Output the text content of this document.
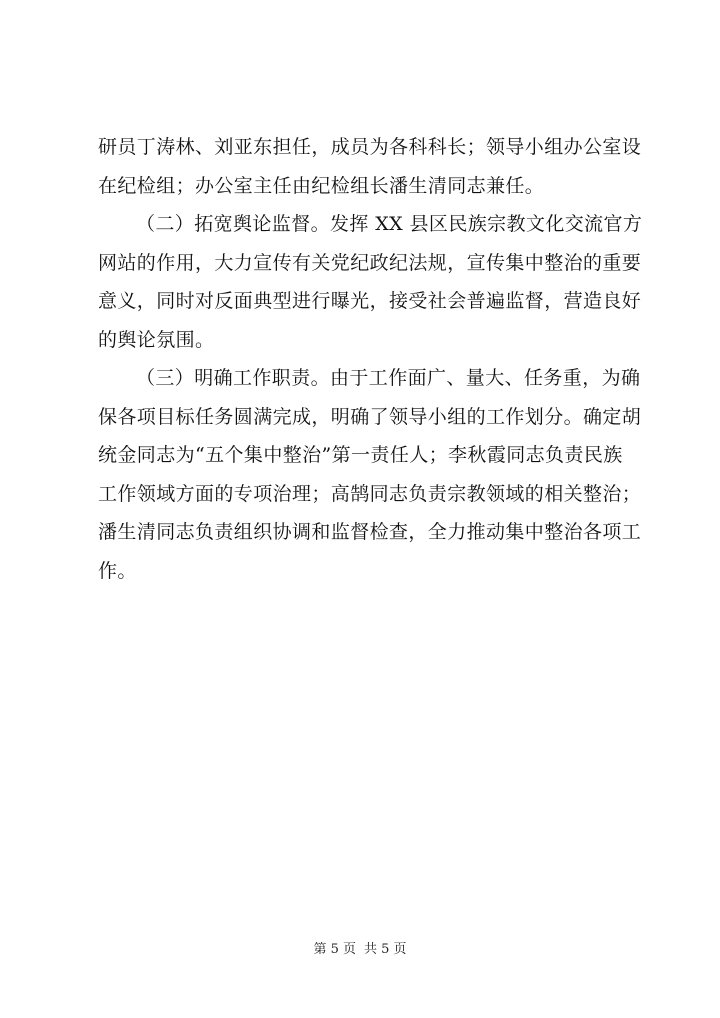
研员丁涛林、刘亚东担任，成员为各科科长；领导小组办公室设
在纪检组；办公室主任由纪检组长潘生清同志兼任。
（二）拓宽舆论监督。发挥 XX 县区民族宗教文化交流官方
网站的作用，大力宣传有关党纪政纪法规，宣传集中整治的重要
意义，同时对反面典型进行曝光，接受社会普遍监督，营造良好
的舆论氛围。
（三）明确工作职责。由于工作面广、量大、任务重，为确
保各项目标任务圆满完成，明确了领导小组的工作划分。确定胡
统金同志为“五个集中整治”第一责任人；李秋霞同志负责民族
工作领域方面的专项治理；高鹄同志负责宗教领域的相关整治；
潘生清同志负责组织协调和监督检查，全力推动集中整治各项工
作。
第 5 页 共 5 页
